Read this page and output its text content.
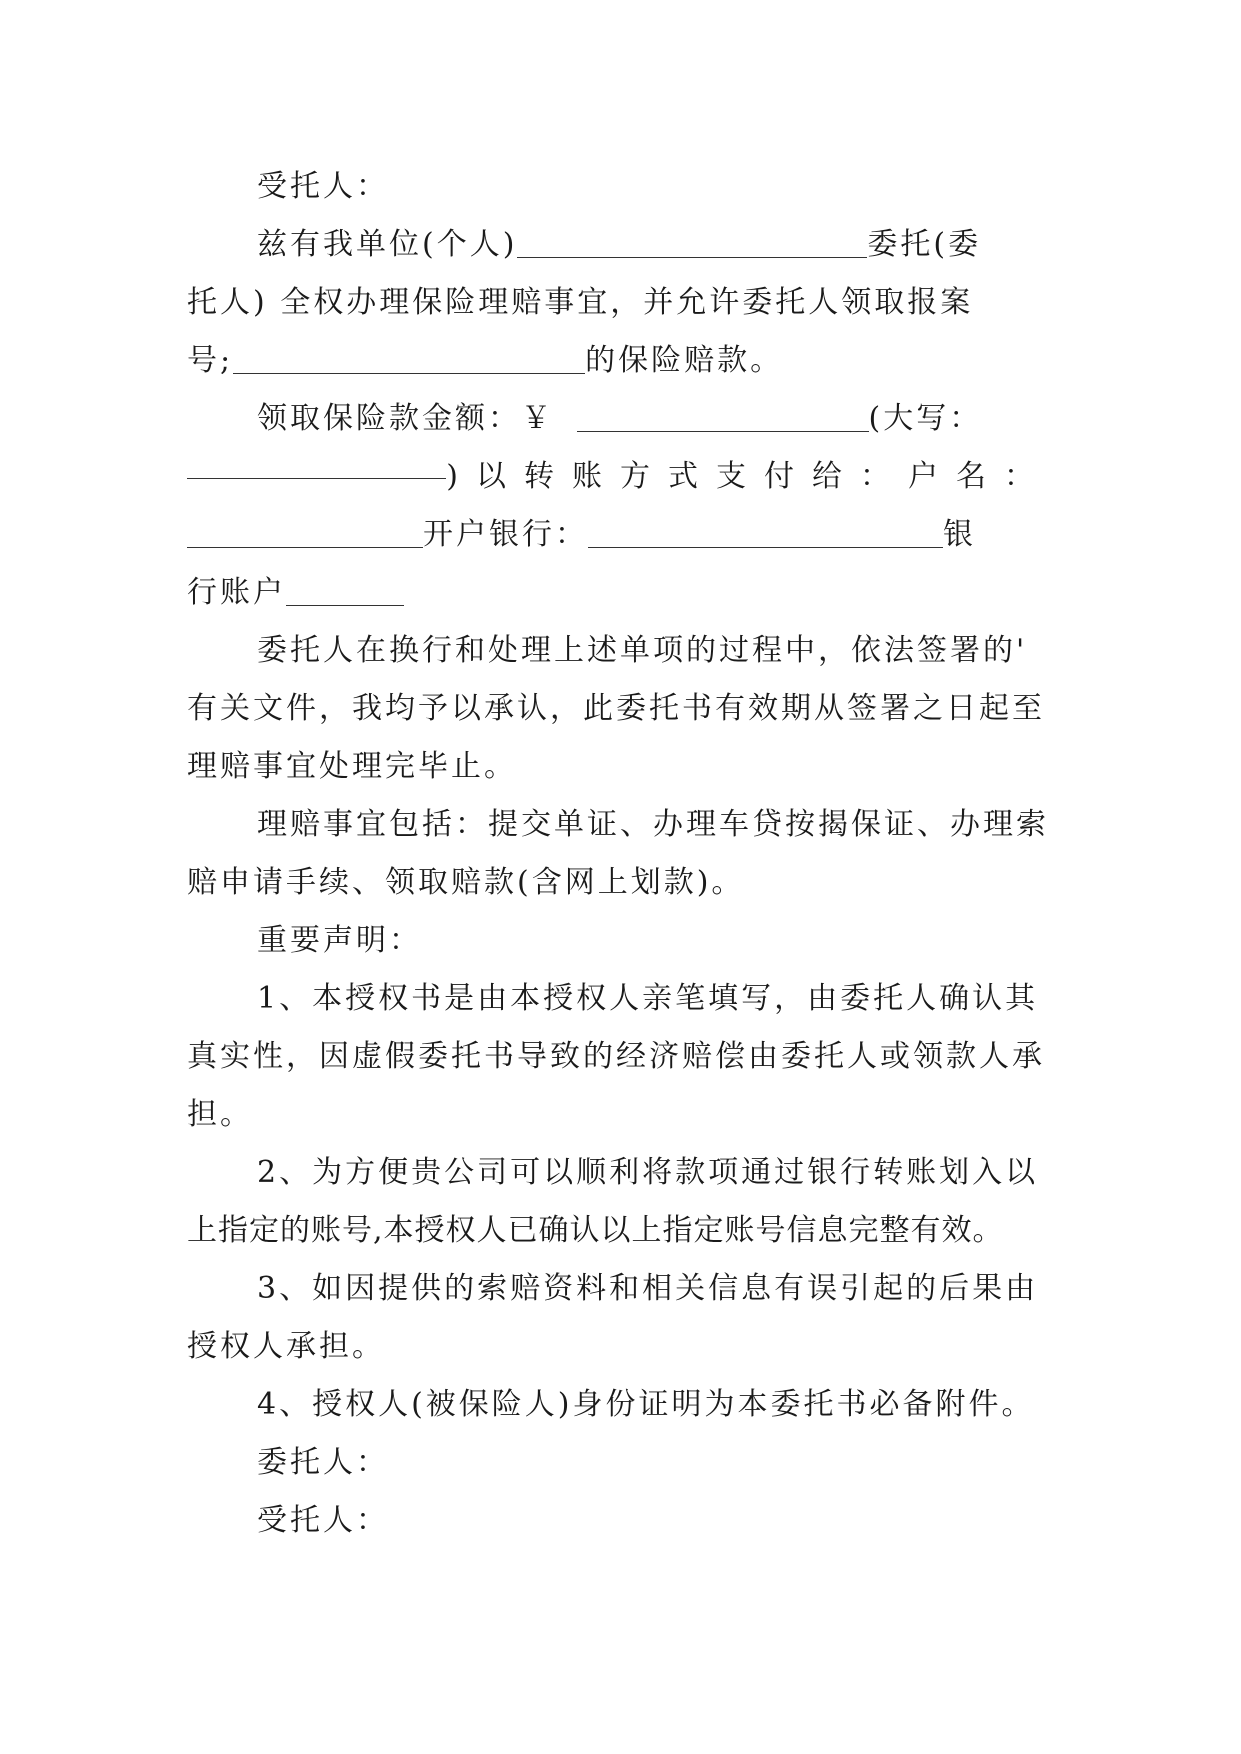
受托人：
兹有我单位(个人)	委托(委
托人) 全权办理保险理赔事宜，并允许委托人领取报案
号;	的保险赔款。
领取保险款金额：￥	(大写：
)以转账方式支付给：户名：
开户银行：	银
行账户
委托人在换行和处理上述单项的过程中，依法签署的'
有关文件，我均予以承认，此委托书有效期从签署之日起至
理赔事宜处理完毕止。
理赔事宜包括：提交单证、办理车贷按揭保证、办理索
赔申请手续、领取赔款(含网上划款)。
重要声明：
1、本授权书是由本授权人亲笔填写，由委托人确认其
真实性，因虚假委托书导致的经济赔偿由委托人或领款人承
担。
2、为方便贵公司可以顺利将款项通过银行转账划入以
上指定的账号,本授权人已确认以上指定账号信息完整有效。
3、如因提供的索赔资料和相关信息有误引起的后果由
授权人承担。
4、授权人(被保险人)身份证明为本委托书必备附件。
委托人：
受托人：
